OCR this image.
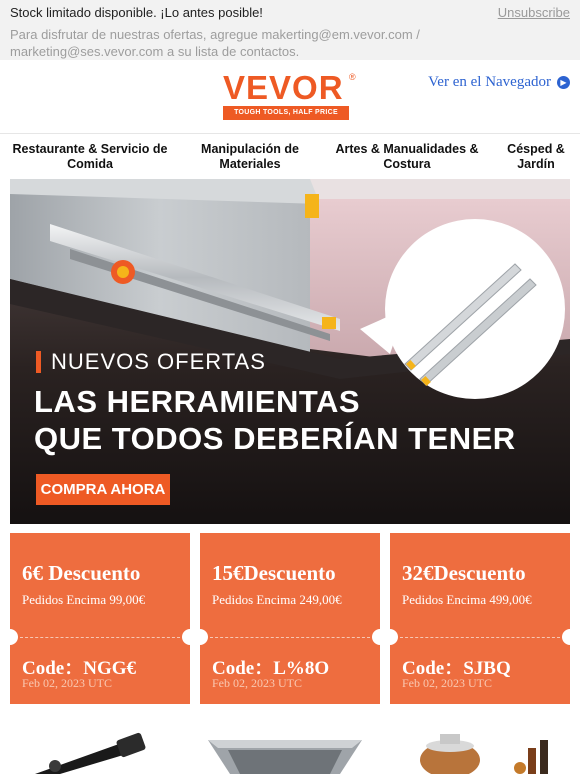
Stock limitado disponible. ¡Lo antes posible!	Unsubscribe
Para disfrutar de nuestras ofertas, agregue makerting@em.vevor.com / marketing@ses.vevor.com a su lista de contactos.
VEVOR ®
TOUGH TOOLS, HALF PRICE
Ver en el Navegador	▶
Restaurante & Servicio de
Comida
Manipulación de
Materiales
Artes & Manualidades &
Costura
Césped &
Jardín
NUEVOS OFERTAS
LAS HERRAMIENTAS
QUE TODOS DEBERÍAN TENER
COMPRA AHORA
6€ Descuento
Pedidos Encima 99,00€
Code：NGG€
Feb 02, 2023 UTC
15€Descuento
Pedidos Encima 249,00€
Code：L%8O
Feb 02, 2023 UTC
32€Descuento
Pedidos Encima 499,00€
Code：SJBQ
Feb 02, 2023 UTC
